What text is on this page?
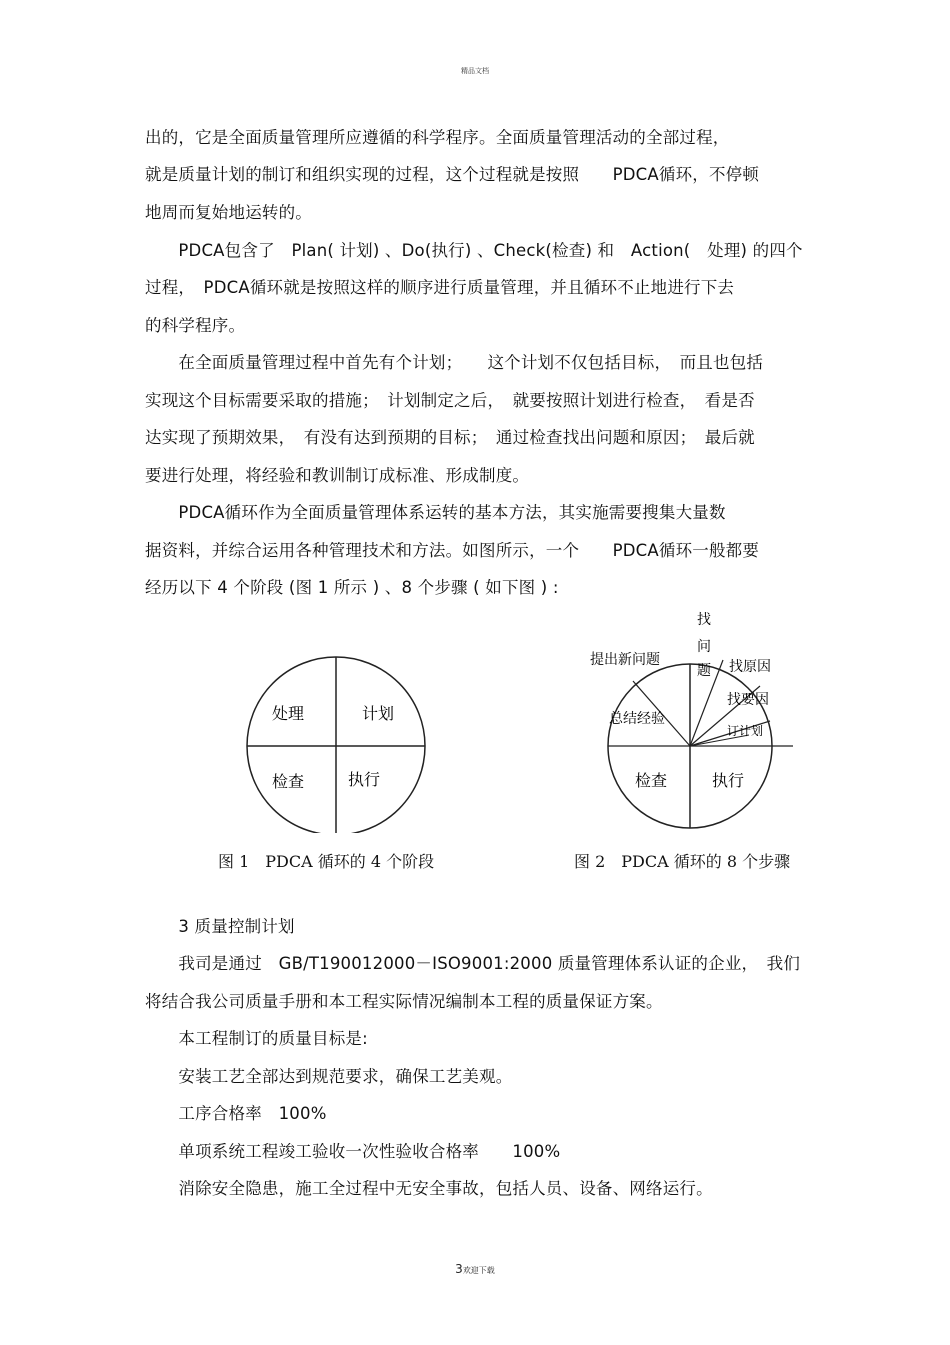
精品文档
出的，它是全面质量管理所应遵循的科学程序。全面质量管理活动的全部过程，
就是质量计划的制订和组织实现的过程，这个过程就是按照　　PDCA循环，不停顿
地周而复始地运转的。
　　PDCA包含了　Plan( 计划) 、Do(执行) 、Check(检查) 和　Action(　处理) 的四个
过程，　PDCA循环就是按照这样的顺序进行质量管理，并且循环不止地进行下去
的科学程序。
　　在全面质量管理过程中首先有个计划；　　这个计划不仅包括目标，　而且也包括
实现这个目标需要采取的措施；　计划制定之后，　就要按照计划进行检查，　看是否
达实现了预期效果，　有没有达到预期的目标；　通过检查找出问题和原因；　最后就
要进行处理，将经验和教训制订成标准、形成制度。
　　PDCA循环作为全面质量管理体系运转的基本方法，其实施需要搜集大量数
据资料，并综合运用各种管理技术和方法。如图所示，一个　　PDCA循环一般都要
经历以下 4 个阶段 (图 1 所示 ) 、8 个步骤 ( 如下图 ) :
处理	计划
检查	执行
图 1　PDCA 循环的 4 个阶段
提出新问题
找
问
题 找原因
找要因
总结经验
订计划
检查	执行
图 2　PDCA 循环的 8 个步骤
　　3 质量控制计划
　　我司是通过　GB/T190012000－ISO9001:2000 质量管理体系认证的企业，　我们
将结合我公司质量手册和本工程实际情况编制本工程的质量保证方案。
　　本工程制订的质量目标是:
　　安装工艺全部达到规范要求，确保工艺美观。
　　工序合格率　100%
　　单项系统工程竣工验收一次性验收合格率　　100%
　　消除安全隐患，施工全过程中无安全事故，包括人员、设备、网络运行。
3欢迎下载
